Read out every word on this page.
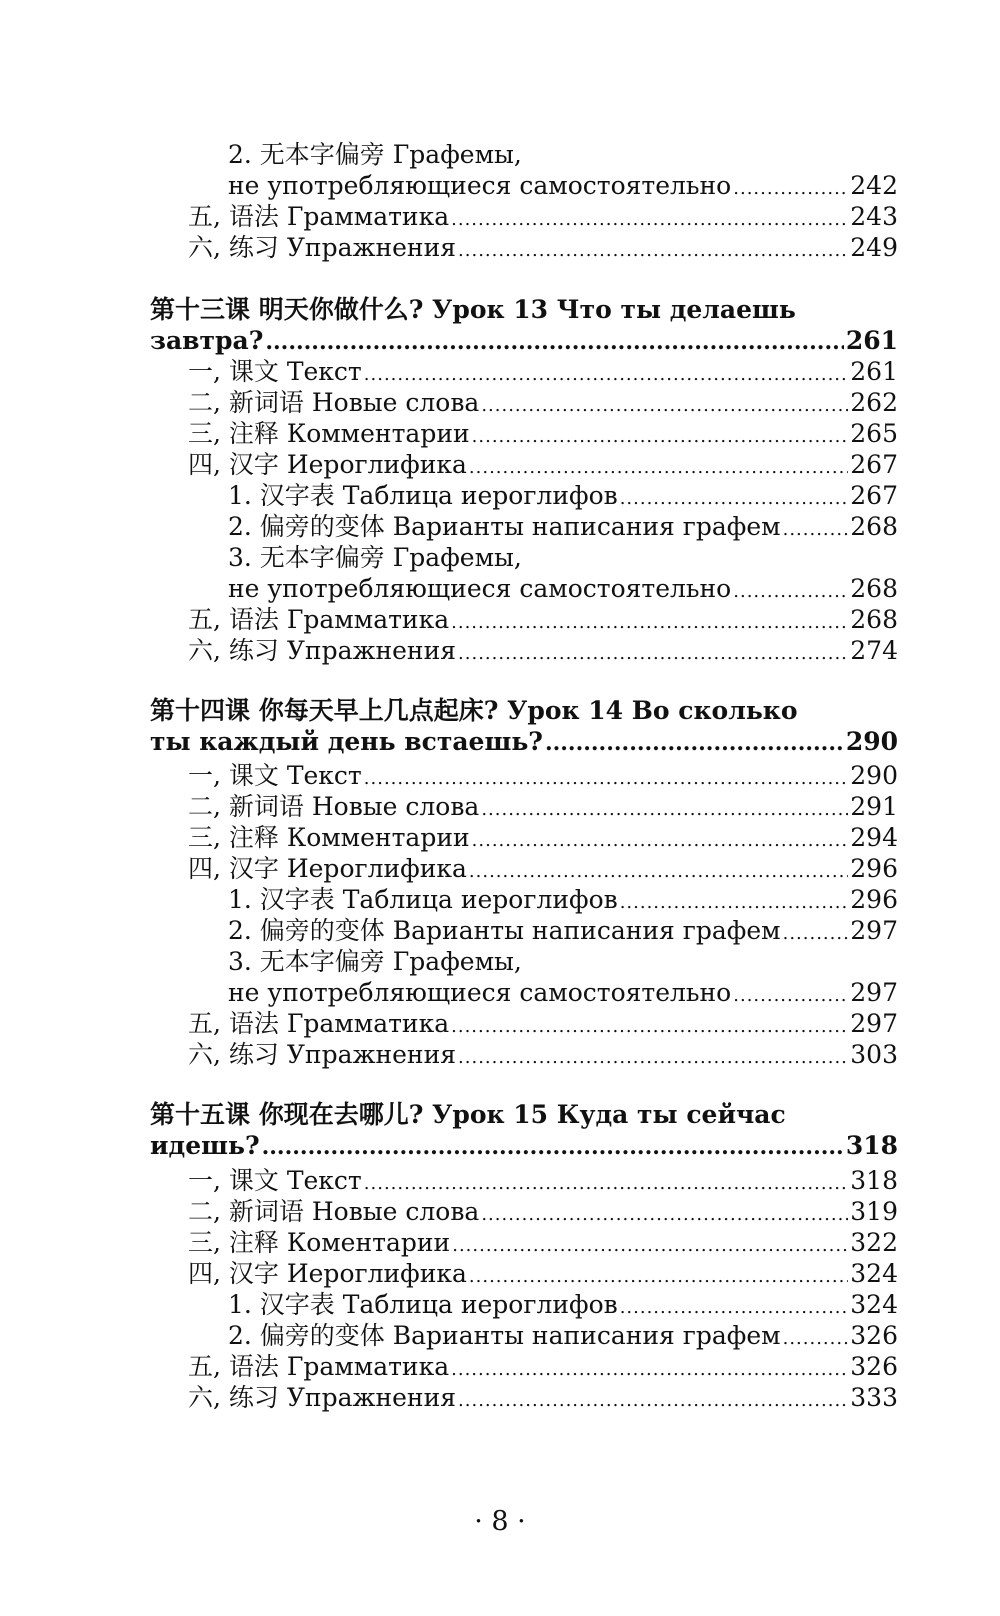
2. 无本字偏旁 Графемы,
не употребляющиеся самостоятельно .....	242
五, 语法 Грамматика .....	243
六, 练习 Упражнения .....	249
第十三课 明天你做什么? Урок 13 Что ты делаешь
завтра? .....	261
一, 课文 Текст .....	261
二, 新词语 Новые слова .....	262
三, 注释 Комментарии .....	265
四, 汉字 Иероглифика .....	267
1. 汉字表 Таблица иероглифов .....	267
2. 偏旁的变体 Варианты написания графем .....	268
3. 无本字偏旁 Графемы,
не употребляющиеся самостоятельно .....	268
五, 语法 Грамматика .....	268
六, 练习 Упражнения .....	274
第十四课 你每天早上几点起床? Урок 14 Во сколько
ты каждый день встаешь? .....	290
一, 课文 Текст .....	290
二, 新词语 Новые слова .....	291
三, 注释 Комментарии .....	294
四, 汉字 Иероглифика .....	296
1. 汉字表 Таблица иероглифов .....	296
2. 偏旁的变体 Варианты написания графем .....	297
3. 无本字偏旁 Графемы,
не употребляющиеся самостоятельно .....	297
五, 语法 Грамматика .....	297
六, 练习 Упражнения .....	303
第十五课 你现在去哪儿? Урок 15 Куда ты сейчас
идешь? .....	318
一, 课文 Текст .....	318
二, 新词语 Новые слова .....	319
三, 注释 Коментарии .....	322
四, 汉字 Иероглифика .....	324
1. 汉字表 Таблица иероглифов .....	324
2. 偏旁的变体 Варианты написания графем .....	326
五, 语法 Грамматика .....	326
六, 练习 Упражнения .....	333
· 8 ·
